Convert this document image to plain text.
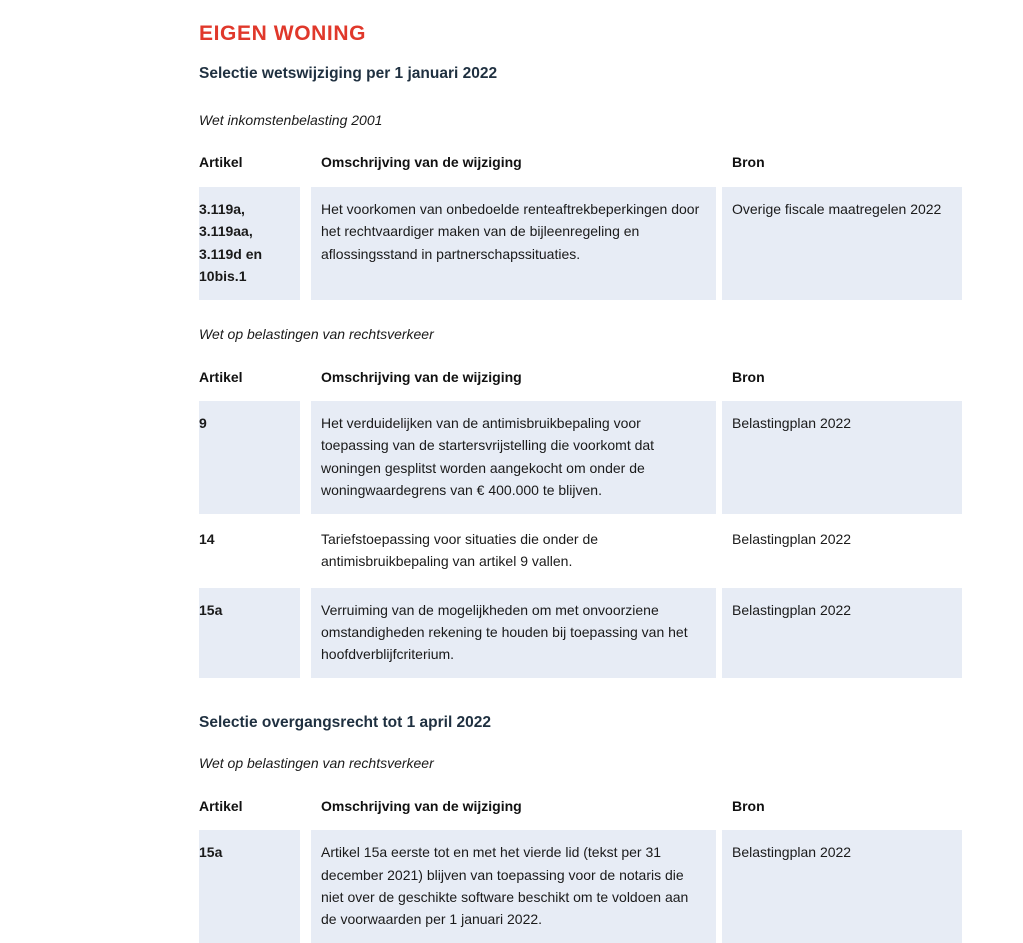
EIGEN WONING
Selectie wetswijziging per 1 januari 2022
Wet inkomstenbelasting 2001
Artikel		Omschrijving van de wijziging		Bron
3.119a, 3.119aa, 3.119d en 10bis.1		Het voorkomen van onbedoelde renteaftrekbeperkingen door het rechtvaardiger maken van de bijleenregeling en aflossingsstand in partnerschapssituaties.		Overige fiscale maatregelen 2022
Wet op belastingen van rechtsverkeer
Artikel		Omschrijving van de wijziging		Bron
9		Het verduidelijken van de antimisbruikbepaling voor toepassing van de startersvrijstelling die voorkomt dat woningen gesplitst worden aangekocht om onder de woningwaardegrens van € 400.000 te blijven.		Belastingplan 2022

14		Tariefstoepassing voor situaties die onder de antimisbruikbepaling van artikel 9 vallen.		Belastingplan 2022

15a		Verruiming van de mogelijkheden om met onvoorziene omstandigheden rekening te houden bij toepassing van het hoofdverblijfcriterium.		Belastingplan 2022
Selectie overgangsrecht tot 1 april 2022
Wet op belastingen van rechtsverkeer
Artikel		Omschrijving van de wijziging		Bron
15a		Artikel 15a eerste tot en met het vierde lid (tekst per 31 december 2021) blijven van toepassing voor de notaris die niet over de geschikte software beschikt om te voldoen aan de voorwaarden per 1 januari 2022.		Belastingplan 2022
